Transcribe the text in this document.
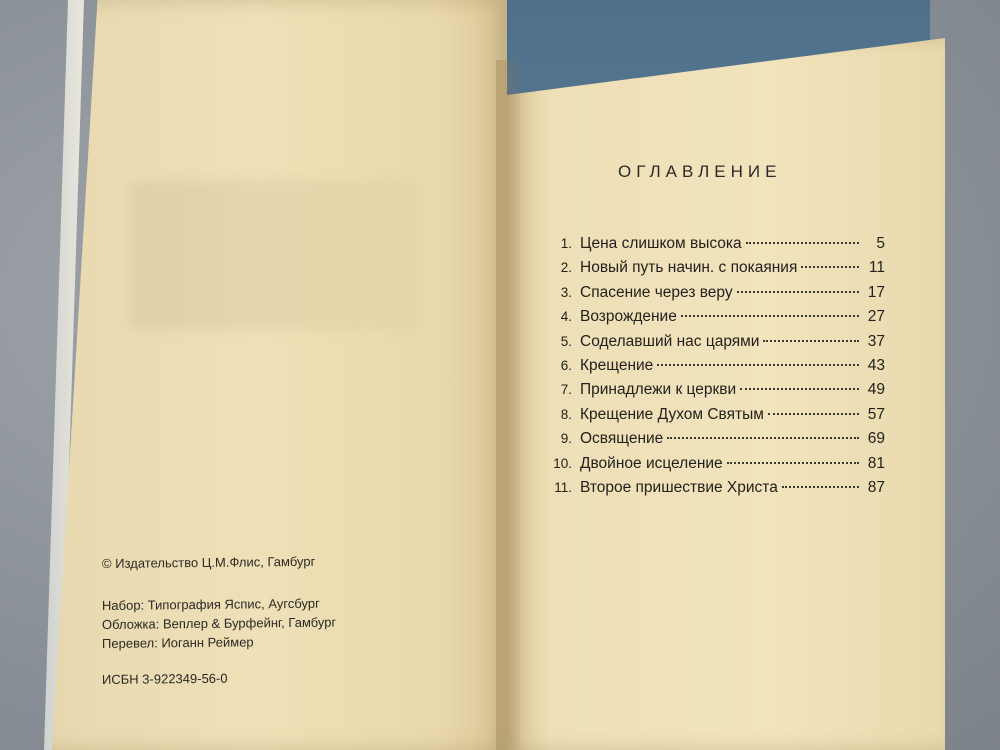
ОГЛАВЛЕНИЕ
1. Цена слишком высока	5
2. Новый путь начин. с покаяния	11
3. Спасение через веру	17
4. Возрождение	27
5. Соделавший нас царями	37
6. Крещение	43
7. Принадлежи к церкви	49
8. Крещение Духом Святым	57
9. Освящение	69
10. Двойное исцеление	81
11. Второе пришествие Христа	87
© Издательство Ц.М.Флис, Гамбург
Набор: Типография Яспис, Аугсбург
Обложка: Веплер & Бурфейнг, Гамбург
Перевел: Иоганн Реймер
ИСБН 3-922349-56-0
